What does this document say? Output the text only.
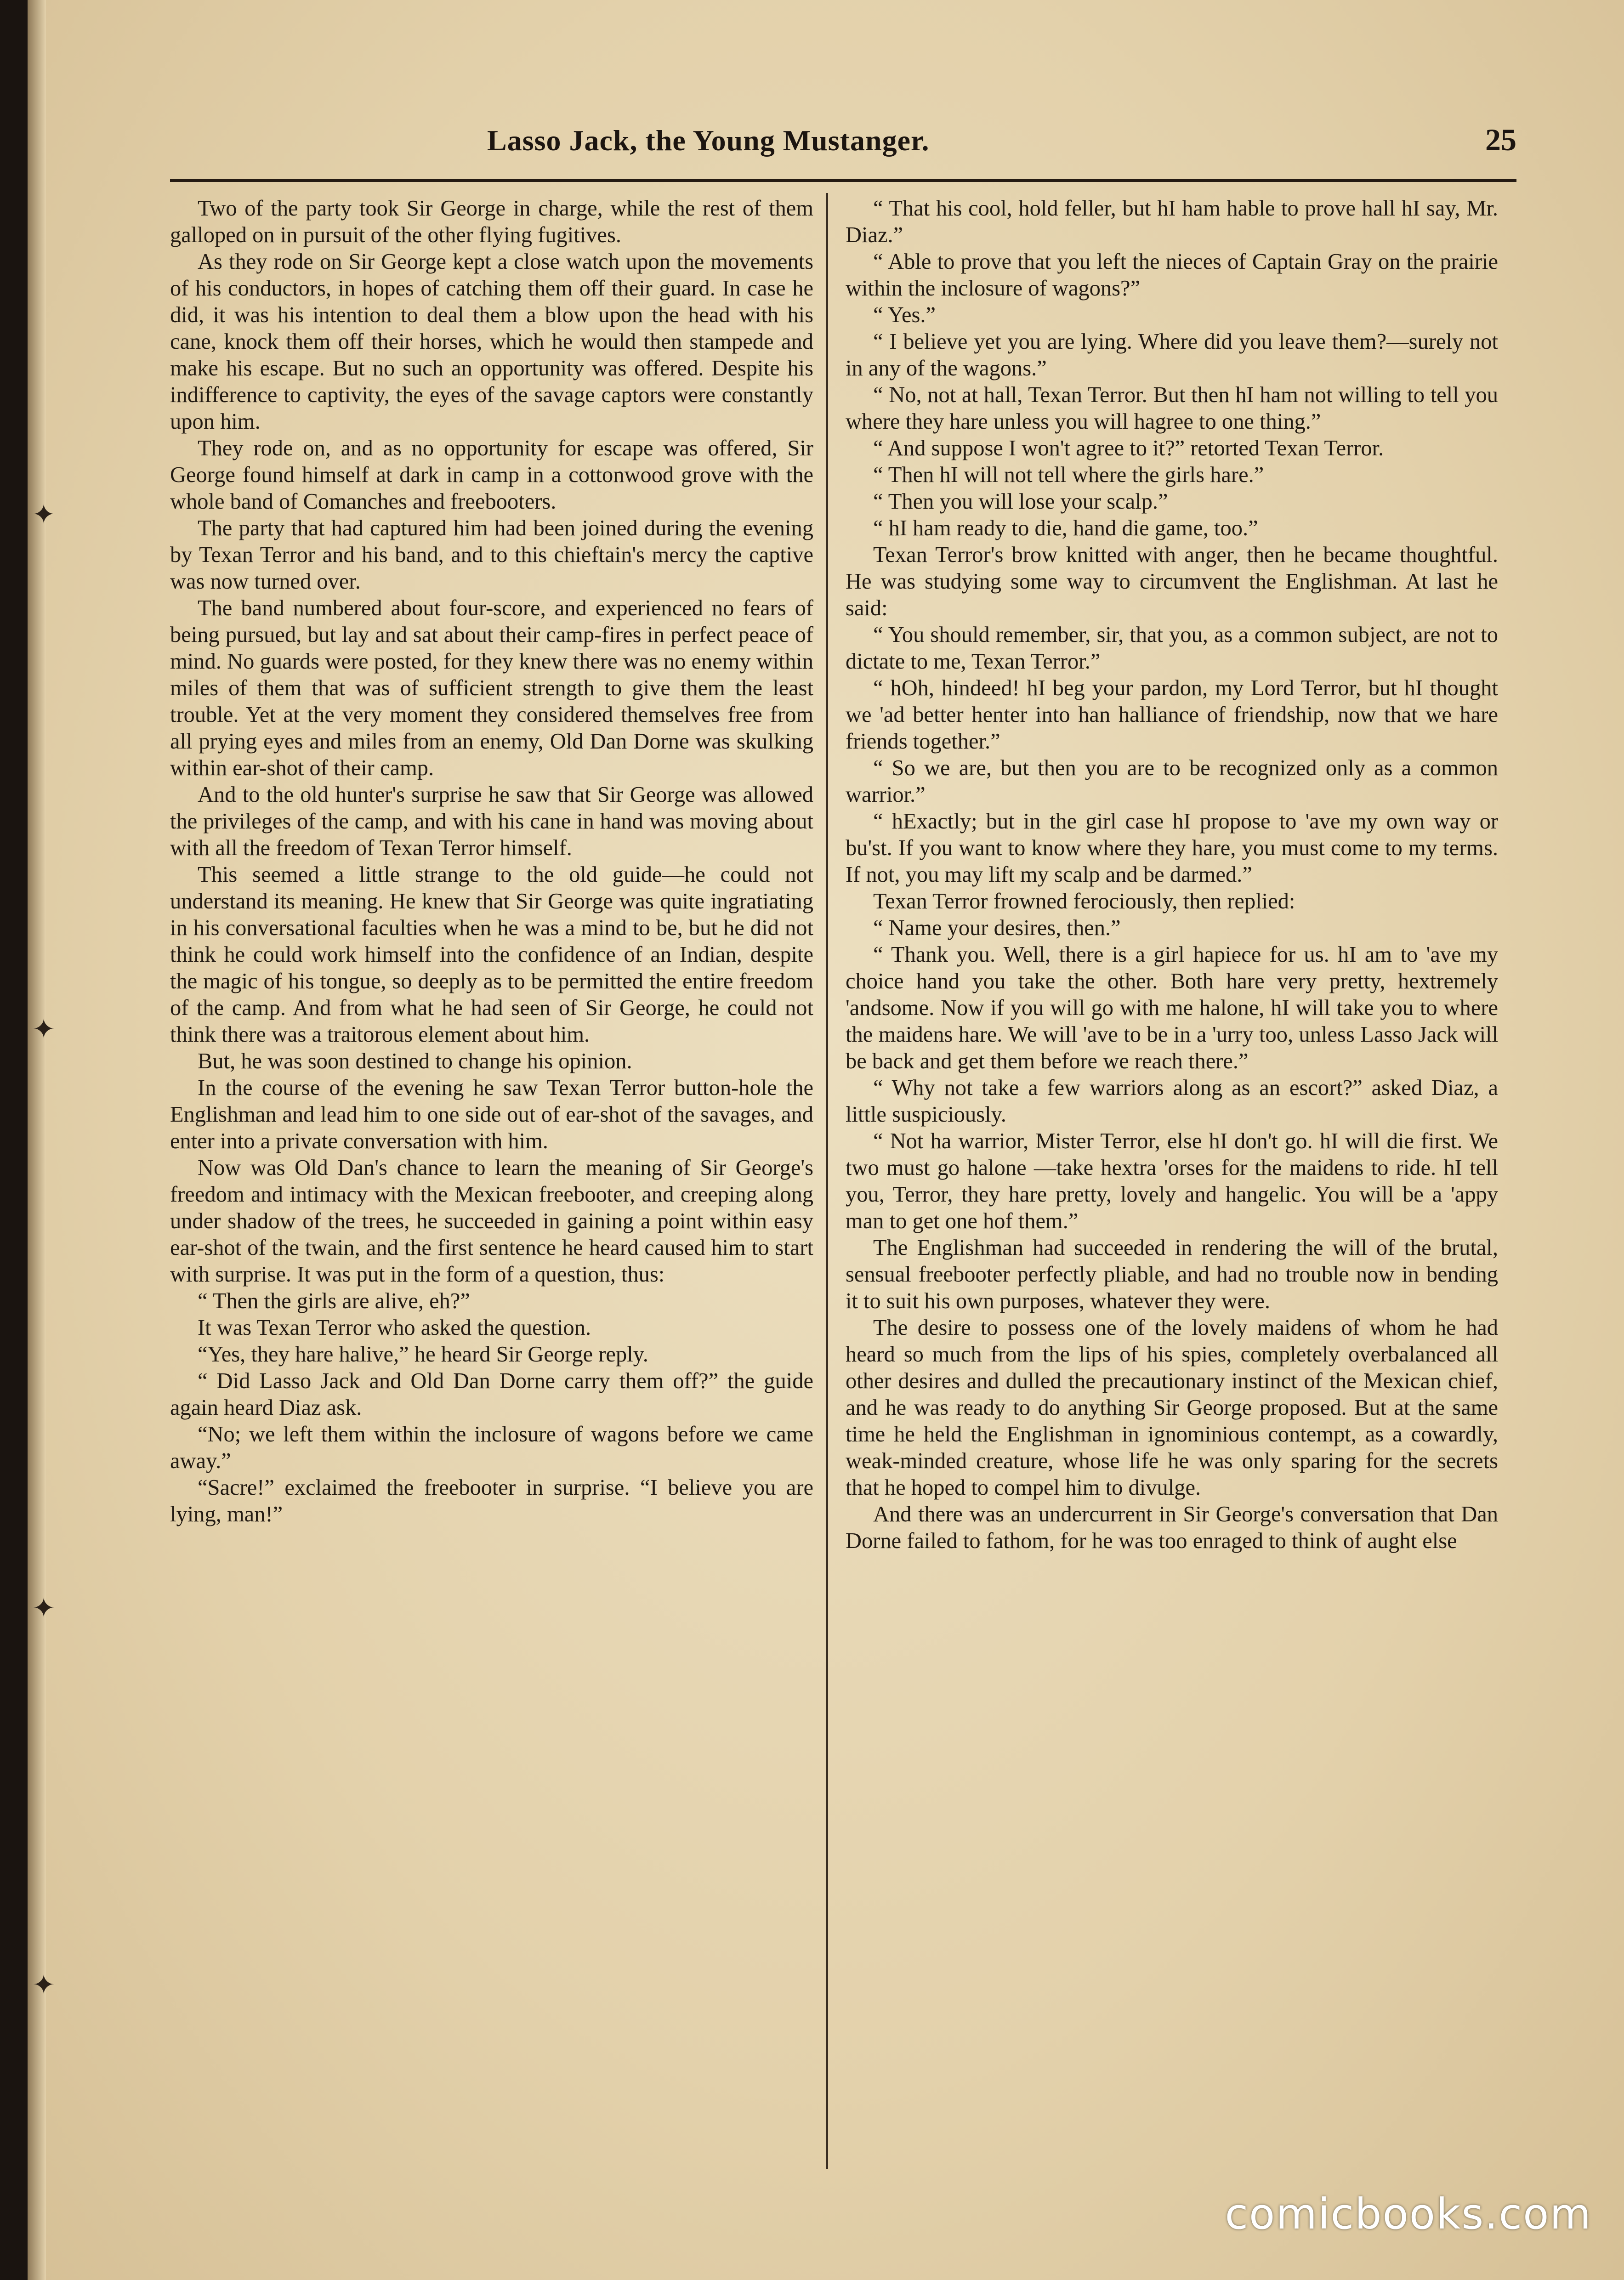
✦
✦
✦
✦
Lasso Jack, the Young Mustanger.	25

Two of the party took Sir George in charge, while the rest of them galloped on in pursuit of the other flying fugitives.

As they rode on Sir George kept a close watch upon the movements of his conductors, in hopes of catching them off their guard. In case he did, it was his intention to deal them a blow upon the head with his cane, knock them off their horses, which he would then stampede and make his escape. But no such an opportunity was offered. Despite his indifference to captivity, the eyes of the savage captors were constantly upon him.

They rode on, and as no opportunity for escape was offered, Sir George found himself at dark in camp in a cottonwood grove with the whole band of Comanches and freebooters.

The party that had captured him had been joined during the evening by Texan Terror and his band, and to this chieftain's mercy the captive was now turned over.

The band numbered about four-score, and experienced no fears of being pursued, but lay and sat about their camp-fires in perfect peace of mind. No guards were posted, for they knew there was no enemy within miles of them that was of sufficient strength to give them the least trouble. Yet at the very moment they considered themselves free from all prying eyes and miles from an enemy, Old Dan Dorne was skulking within ear-shot of their camp.

And to the old hunter's surprise he saw that Sir George was allowed the privileges of the camp, and with his cane in hand was moving about with all the freedom of Texan Terror himself.

This seemed a little strange to the old guide—he could not understand its meaning. He knew that Sir George was quite ingratiating in his conversational faculties when he was a mind to be, but he did not think he could work himself into the confidence of an Indian, despite the magic of his tongue, so deeply as to be permitted the entire freedom of the camp. And from what he had seen of Sir George, he could not think there was a traitorous element about him.

But, he was soon destined to change his opinion.

In the course of the evening he saw Texan Terror button-hole the Englishman and lead him to one side out of ear-shot of the savages, and enter into a private conversation with him.

Now was Old Dan's chance to learn the meaning of Sir George's freedom and intimacy with the Mexican freebooter, and creeping along under shadow of the trees, he succeeded in gaining a point within easy ear-shot of the twain, and the first sentence he heard caused him to start with surprise. It was put in the form of a question, thus:

“ Then the girls are alive, eh?”

It was Texan Terror who asked the question.

“Yes, they hare halive,” he heard Sir George reply.

“ Did Lasso Jack and Old Dan Dorne carry them off?” the guide again heard Diaz ask.

“No; we left them within the inclosure of wagons before we came away.”

“Sacre!” exclaimed the freebooter in surprise. “I believe you are lying, man!”

“ That his cool, hold feller, but hI ham hable to prove hall hI say, Mr. Diaz.”

“ Able to prove that you left the nieces of Captain Gray on the prairie within the inclosure of wagons?”

“ Yes.”

“ I believe yet you are lying. Where did you leave them?—surely not in any of the wagons.”

“ No, not at hall, Texan Terror. But then hI ham not willing to tell you where they hare unless you will hagree to one thing.”

“ And suppose I won't agree to it?” retorted Texan Terror.

“ Then hI will not tell where the girls hare.”

“ Then you will lose your scalp.”

“ hI ham ready to die, hand die game, too.”

Texan Terror's brow knitted with anger, then he became thoughtful. He was studying some way to circumvent the Englishman. At last he said:

“ You should remember, sir, that you, as a common subject, are not to dictate to me, Texan Terror.”

“ hOh, hindeed! hI beg your pardon, my Lord Terror, but hI thought we 'ad better henter into han halliance of friendship, now that we hare friends together.”

“ So we are, but then you are to be recognized only as a common warrior.”

“ hExactly; but in the girl case hI propose to 'ave my own way or bu'st. If you want to know where they hare, you must come to my terms. If not, you may lift my scalp and be darmed.”

Texan Terror frowned ferociously, then replied:

“ Name your desires, then.”

“ Thank you. Well, there is a girl hapiece for us. hI am to 'ave my choice hand you take the other. Both hare very pretty, hextremely 'andsome. Now if you will go with me halone, hI will take you to where the maidens hare. We will 'ave to be in a 'urry too, unless Lasso Jack will be back and get them before we reach there.”

“ Why not take a few warriors along as an escort?” asked Diaz, a little suspiciously.

“ Not ha warrior, Mister Terror, else hI don't go. hI will die first. We two must go halone —take hextra 'orses for the maidens to ride. hI tell you, Terror, they hare pretty, lovely and hangelic. You will be a 'appy man to get one hof them.”

The Englishman had succeeded in rendering the will of the brutal, sensual freebooter perfectly pliable, and had no trouble now in bending it to suit his own purposes, whatever they were.

The desire to possess one of the lovely maidens of whom he had heard so much from the lips of his spies, completely overbalanced all other desires and dulled the precautionary instinct of the Mexican chief, and he was ready to do anything Sir George proposed. But at the same time he held the Englishman in ignominious contempt, as a cowardly, weak-minded creature, whose life he was only sparing for the secrets that he hoped to compel him to divulge.

And there was an undercurrent in Sir George's conversation that Dan Dorne failed to fathom, for he was too enraged to think of aught else

comicbooks.com
